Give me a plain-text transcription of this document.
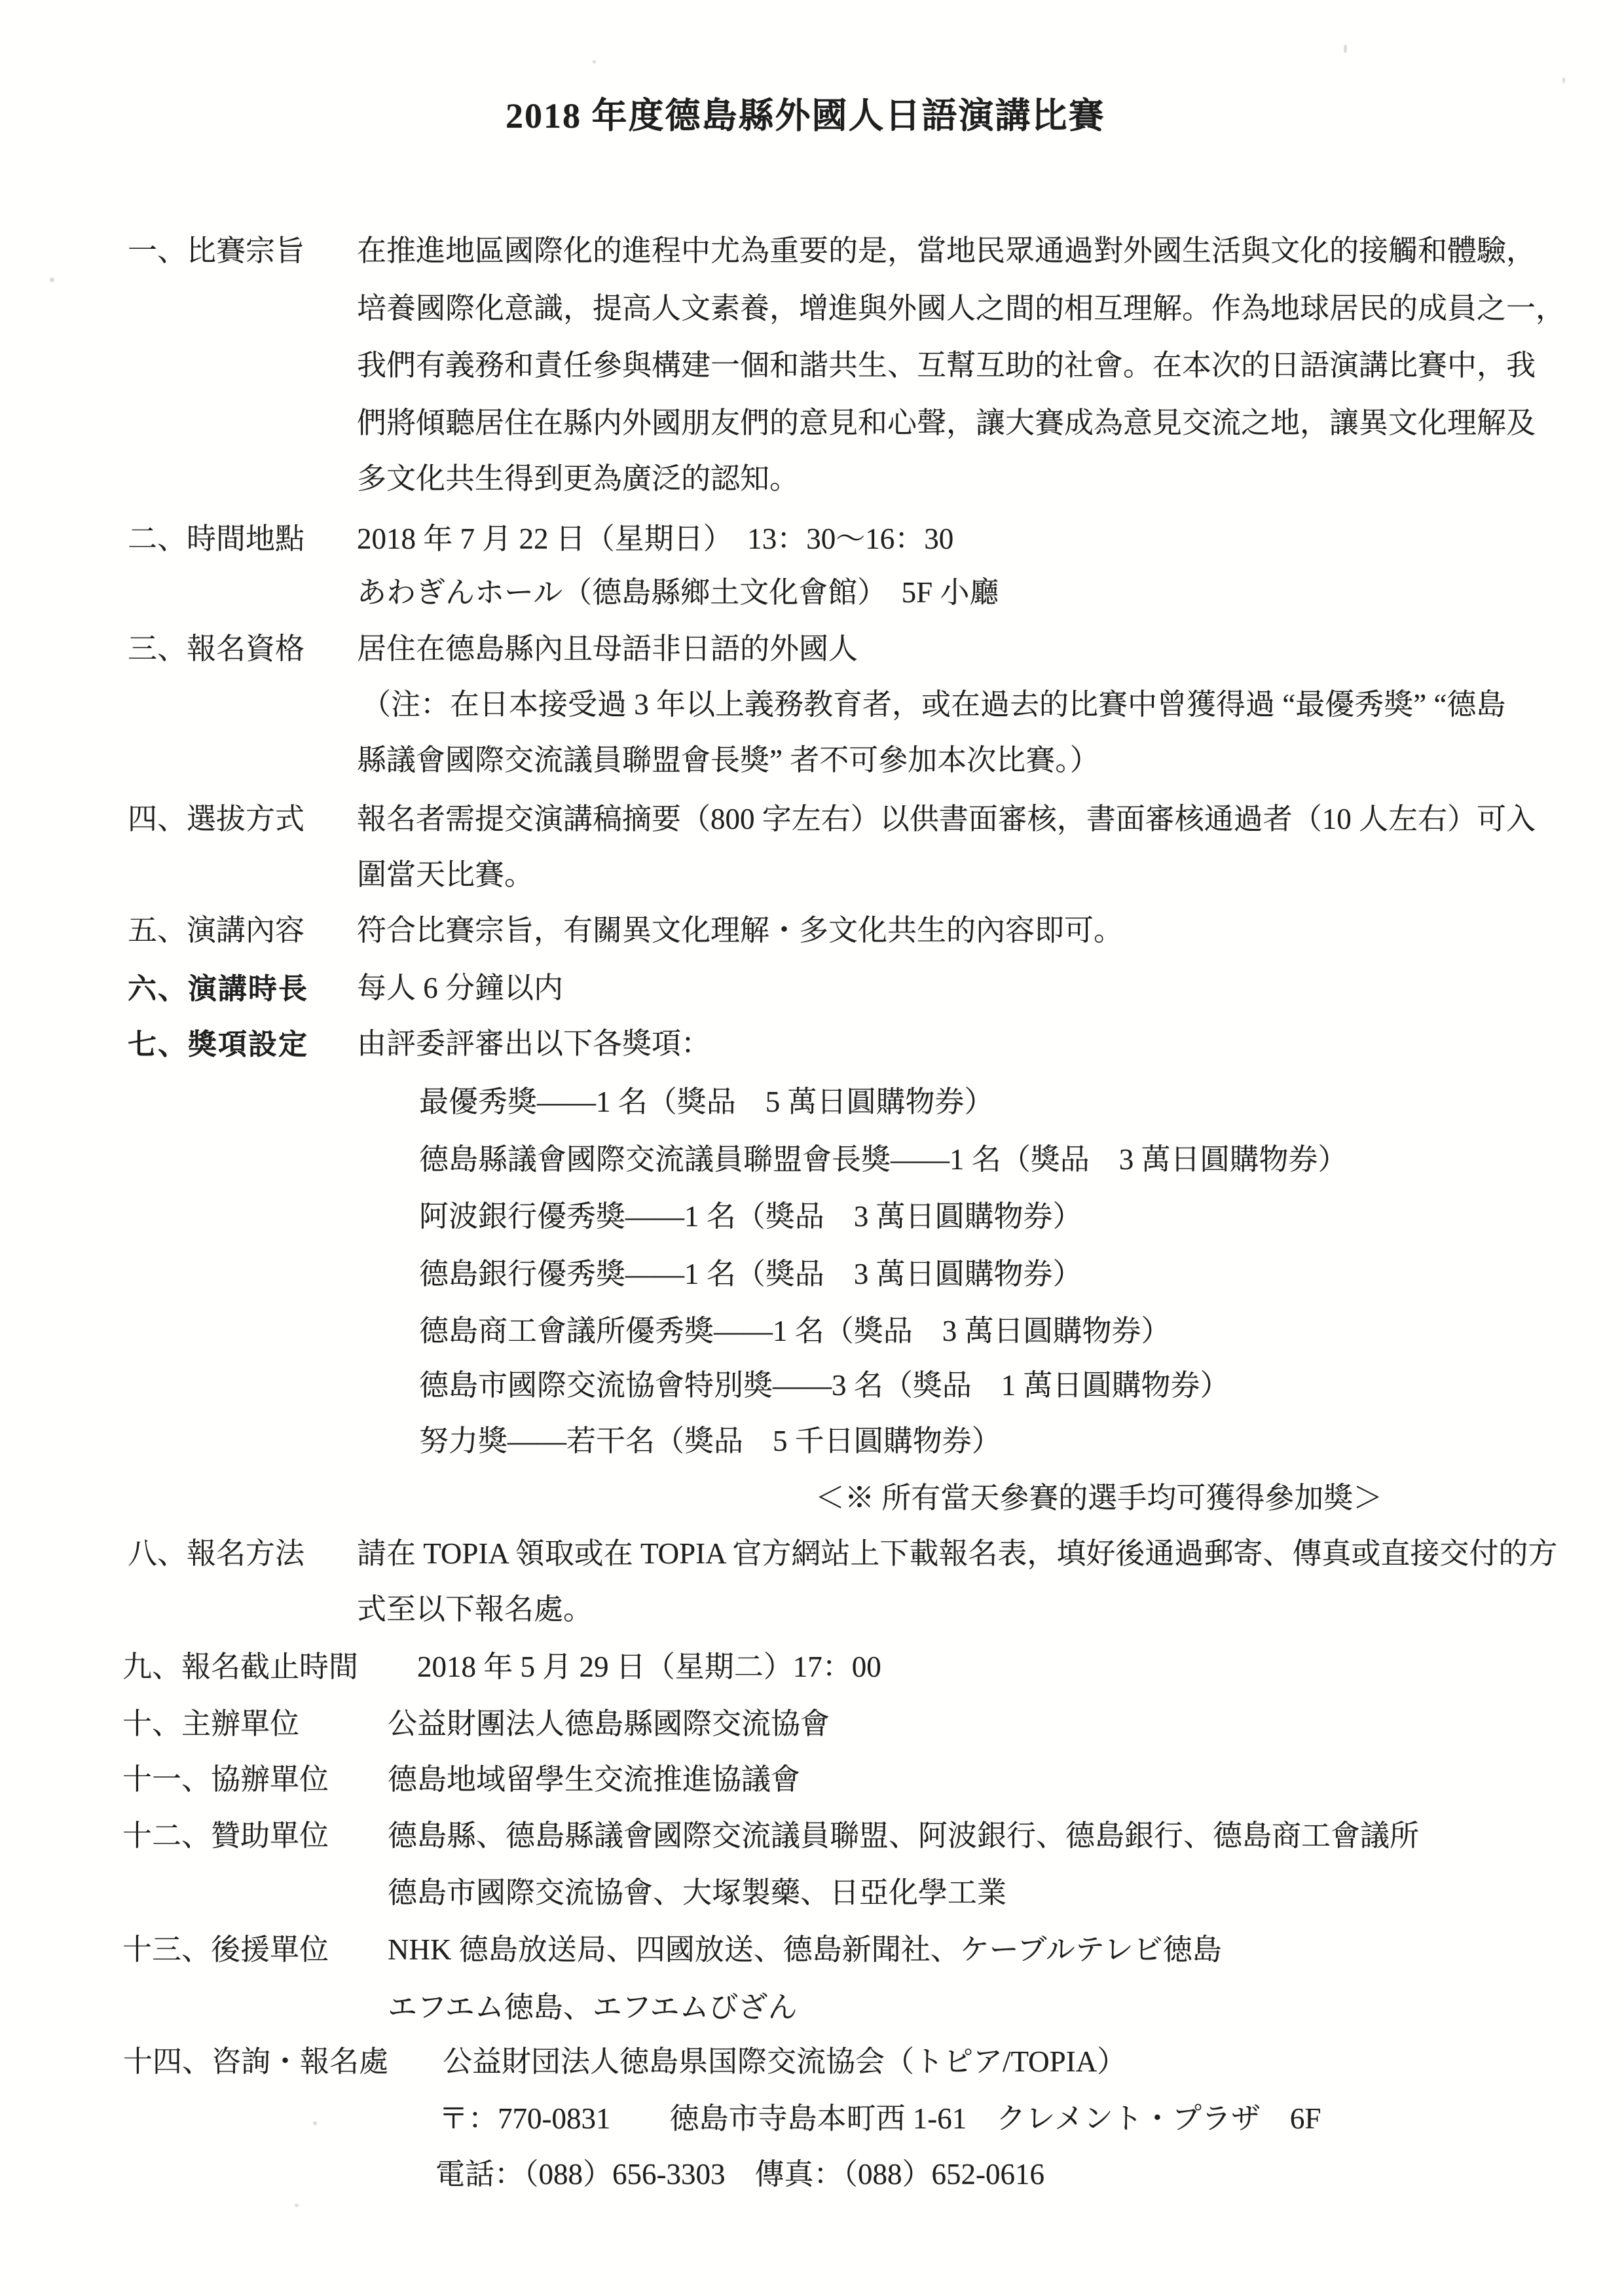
2018 年度德島縣外國人日語演講比賽
一、比賽宗旨 在推進地區國際化的進程中尤為重要的是，當地民眾通過對外國生活與文化的接觸和體驗，
培養國際化意識，提高人文素養，增進與外國人之間的相互理解。作為地球居民的成員之一，
我們有義務和責任參與構建一個和諧共生、互幫互助的社會。在本次的日語演講比賽中，我
們將傾聽居住在縣内外國朋友們的意見和心聲，讓大賽成為意見交流之地，讓異文化理解及
多文化共生得到更為廣泛的認知。
二、時間地點 2018 年 7 月 22 日（星期日）　13：30～16：30
あわぎんホール（德島縣鄉土文化會館）　5F 小廳
三、報名資格 居住在德島縣內且母語非日語的外國人
（注：在日本接受過 3 年以上義務教育者，或在過去的比賽中曾獲得過 “最優秀獎” “德島
縣議會國際交流議員聯盟會長獎” 者不可參加本次比賽。）
四、選拔方式 報名者需提交演講稿摘要（800 字左右）以供書面審核，書面審核通過者（10 人左右）可入
圍當天比賽。
五、演講內容 符合比賽宗旨，有關異文化理解・多文化共生的內容即可。
六、演講時長 每人 6 分鐘以内
七、獎項設定 由評委評審出以下各獎項：
最優秀獎——1 名（獎品　5 萬日圓購物券）
德島縣議會國際交流議員聯盟會長獎——1 名（獎品　3 萬日圓購物券）
阿波銀行優秀獎——1 名（獎品　3 萬日圓購物券）
德島銀行優秀獎——1 名（獎品　3 萬日圓購物券）
德島商工會議所優秀獎——1 名（獎品　3 萬日圓購物券）
德島市國際交流協會特別獎——3 名（獎品　1 萬日圓購物券）
努力獎——若干名（獎品　5 千日圓購物券）
＜※ 所有當天參賽的選手均可獲得參加獎＞
八、報名方法 請在 TOPIA 領取或在 TOPIA 官方網站上下載報名表，填好後通過郵寄、傳真或直接交付的方
式至以下報名處。
九、報名截止時間 2018 年 5 月 29 日（星期二）17：00
十、主辦單位	公益財團法人德島縣國際交流協會
十一、協辦單位 德島地域留學生交流推進協議會
十二、贊助單位 德島縣、德島縣議會國際交流議員聯盟、阿波銀行、德島銀行、德島商工會議所
德島市國際交流協會、大塚製藥、日亞化學工業
十三、後援單位 NHK 德島放送局、四國放送、德島新聞社、ケーブルテレビ徳島
エフエム徳島、エフエムびざん
十四、咨詢・報名處 公益財団法人徳島県国際交流協会（トピア/TOPIA）
〒：770-0831　　徳島市寺島本町西 1-61　クレメント・プラザ　6F
電話：（088）656-3303　傳真：（088）652-0616
